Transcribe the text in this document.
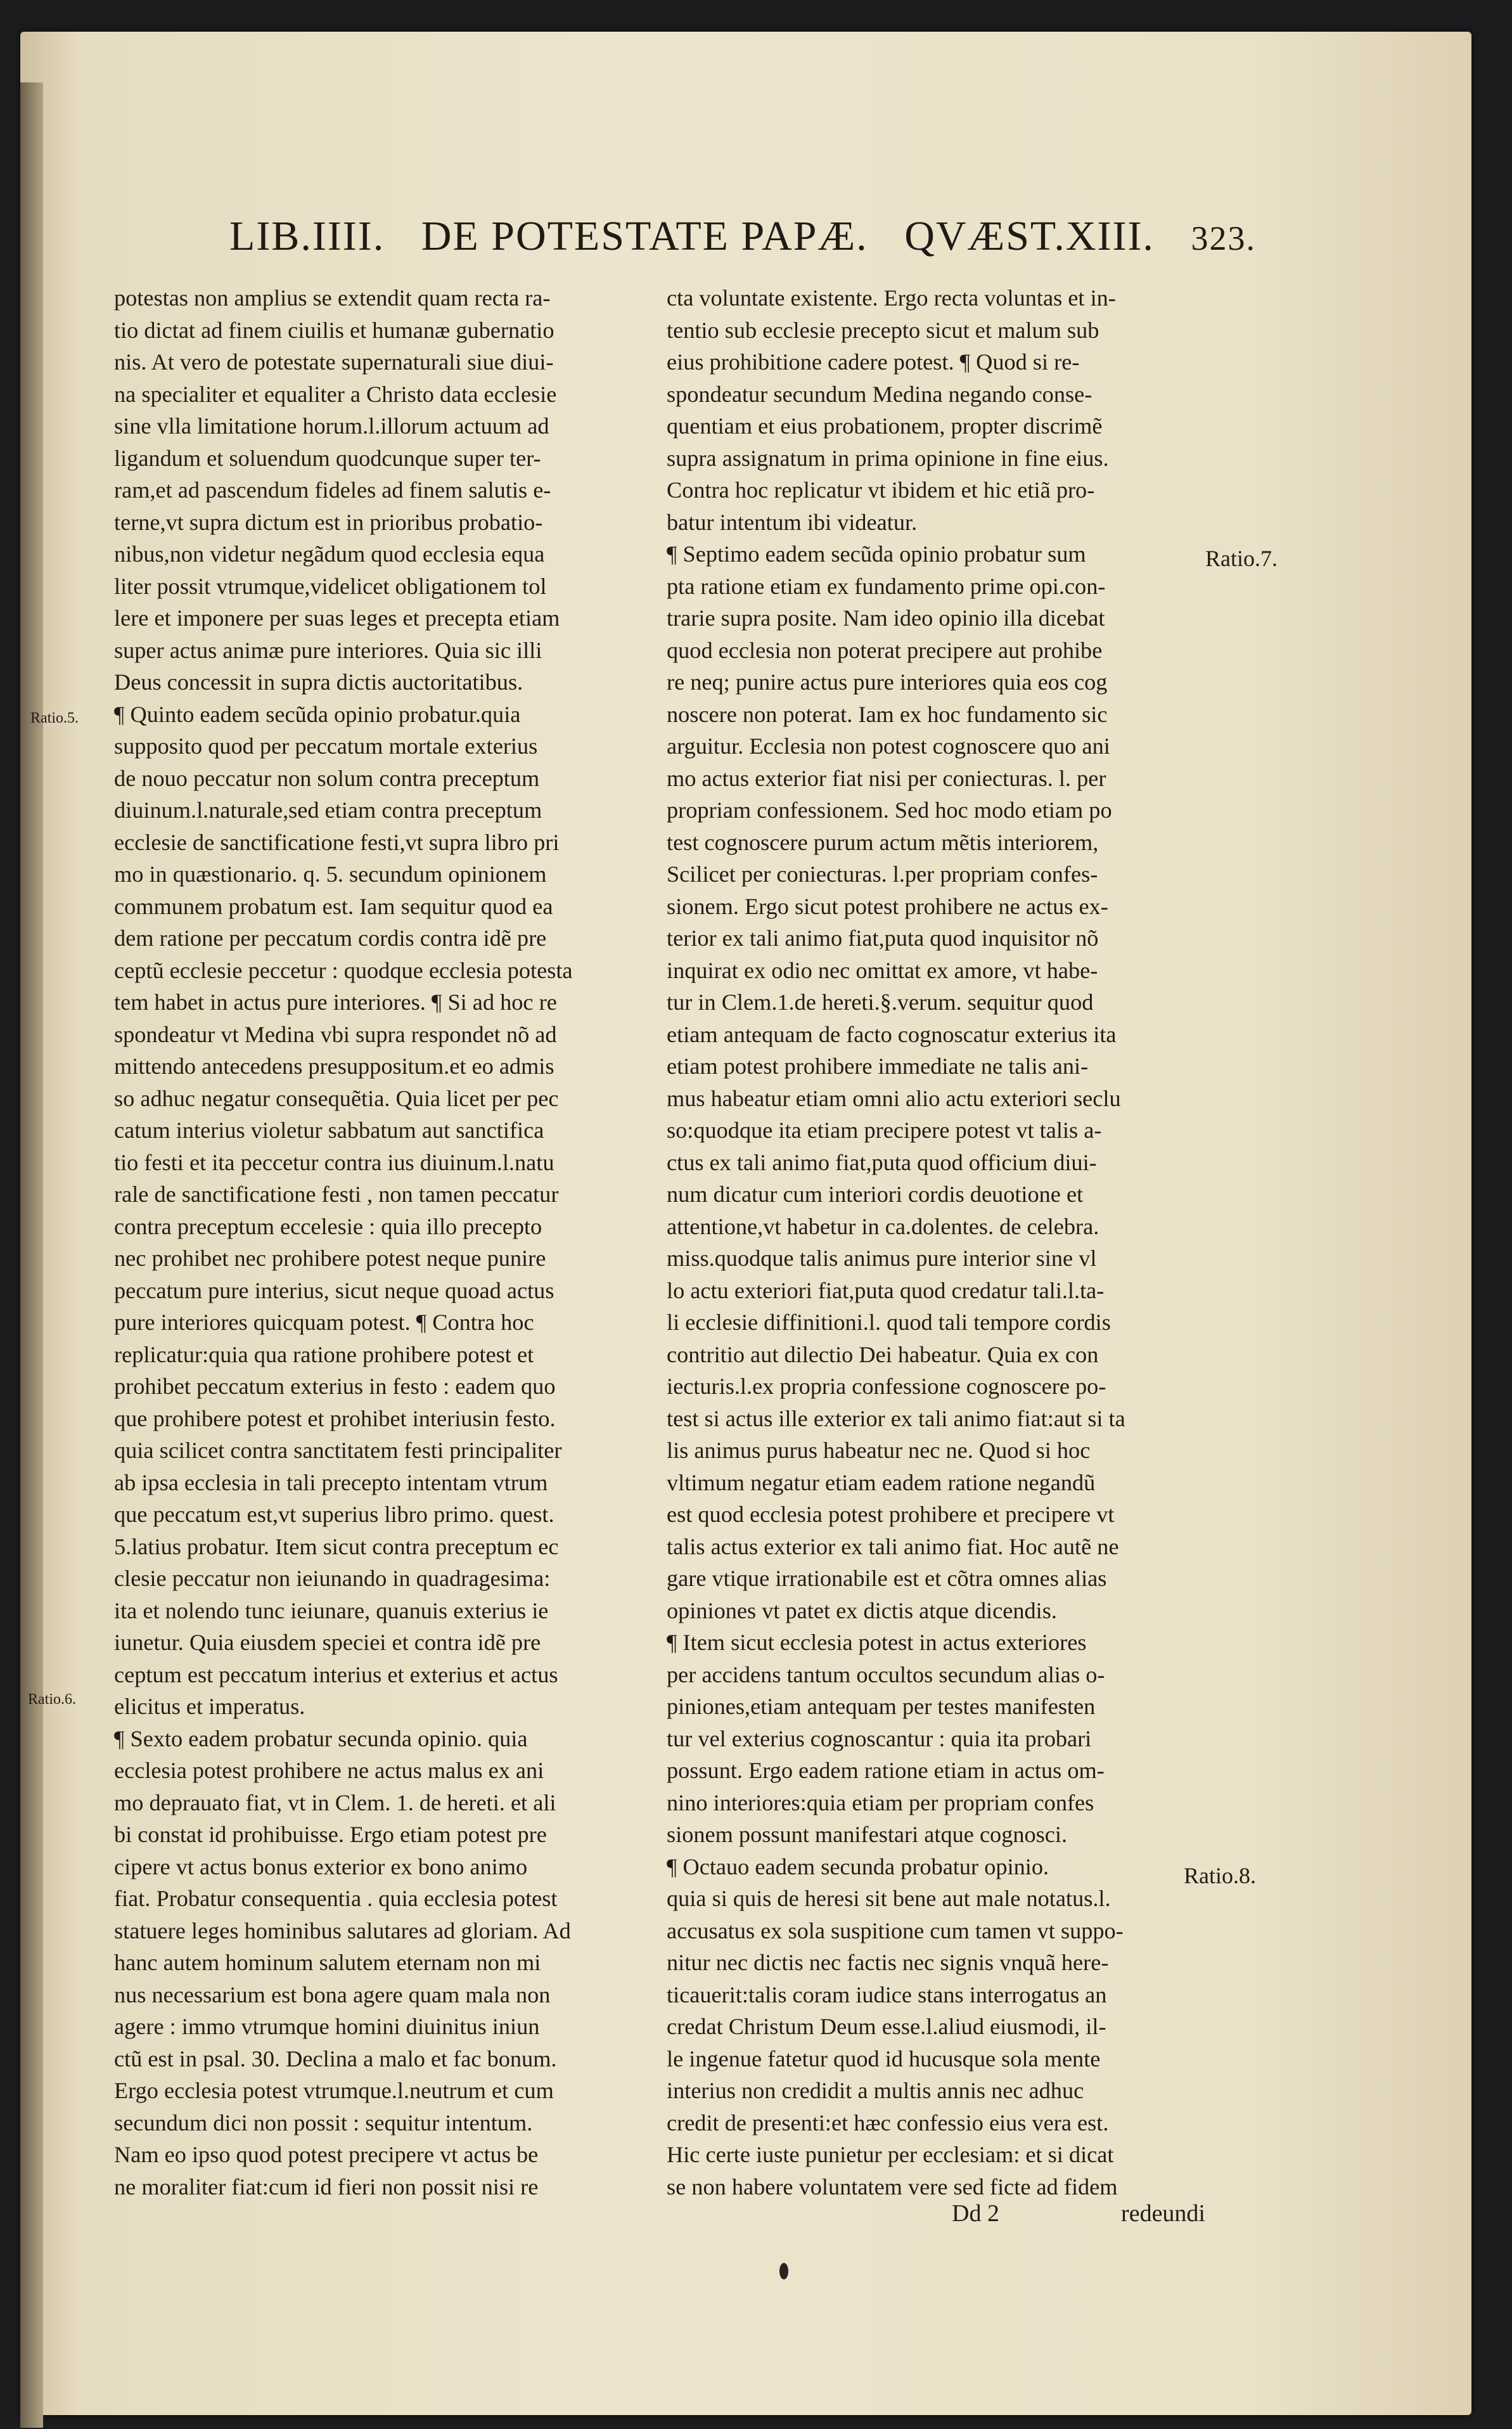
LIB.IIII. DE POTESTATE PAPÆ. QVÆST.XIII. 323.
potestas non amplius se extendit quam recta ra-
tio dictat ad finem ciuilis et humanæ gubernatio
nis. At vero de potestate supernaturali siue diui-
na specialiter et equaliter a Christo data ecclesie
sine vlla limitatione horum.l.illorum actuum ad
ligandum et soluendum quodcunque super ter-
ram,et ad pascendum fideles ad finem salutis e-
terne,vt supra dictum est in prioribus probatio-
nibus,non videtur negãdum quod ecclesia equa
liter possit vtrumque,videlicet obligationem tol
lere et imponere per suas leges et precepta etiam
super actus animæ pure interiores. Quia sic illi
Deus concessit in supra dictis auctoritatibus.
¶ Quinto eadem secũda opinio probatur.quia
supposito quod per peccatum mortale exterius
de nouo peccatur non solum contra preceptum
diuinum.l.naturale,sed etiam contra preceptum
ecclesie de sanctificatione festi,vt supra libro pri
mo in quæstionario. q. 5. secundum opinionem
communem probatum est. Iam sequitur quod ea
dem ratione per peccatum cordis contra idẽ pre
ceptũ ecclesie peccetur : quodque ecclesia potesta
tem habet in actus pure interiores. ¶ Si ad hoc re
spondeatur vt Medina vbi supra respondet nõ ad
mittendo antecedens presuppositum.et eo admis
so adhuc negatur consequẽtia. Quia licet per pec
catum interius violetur sabbatum aut sanctifica
tio festi et ita peccetur contra ius diuinum.l.natu
rale de sanctificatione festi , non tamen peccatur
contra preceptum eccelesie : quia illo precepto
nec prohibet nec prohibere potest neque punire
peccatum pure interius, sicut neque quoad actus
pure interiores quicquam potest. ¶ Contra hoc
replicatur:quia qua ratione prohibere potest et
prohibet peccatum exterius in festo : eadem quo
que prohibere potest et prohibet interiusin festo.
quia scilicet contra sanctitatem festi principaliter
ab ipsa ecclesia in tali precepto intentam vtrum
que peccatum est,vt superius libro primo. quest.
5.latius probatur. Item sicut contra preceptum ec
clesie peccatur non ieiunando in quadragesima:
ita et nolendo tunc ieiunare, quanuis exterius ie
iunetur. Quia eiusdem speciei et contra idẽ pre
ceptum est peccatum interius et exterius et actus
elicitus et imperatus.
¶ Sexto eadem probatur secunda opinio. quia
ecclesia potest prohibere ne actus malus ex ani
mo deprauato fiat, vt in Clem. 1. de hereti. et ali
bi constat id prohibuisse. Ergo etiam potest pre
cipere vt actus bonus exterior ex bono animo
fiat. Probatur consequentia . quia ecclesia potest
statuere leges hominibus salutares ad gloriam. Ad
hanc autem hominum salutem eternam non mi
nus necessarium est bona agere quam mala non
agere : immo vtrumque homini diuinitus iniun
ctũ est in psal. 30. Declina a malo et fac bonum.
Ergo ecclesia potest vtrumque.l.neutrum et cum
secundum dici non possit : sequitur intentum.
Nam eo ipso quod potest precipere vt actus be
ne moraliter fiat:cum id fieri non possit nisi re
cta voluntate existente. Ergo recta voluntas et in-
tentio sub ecclesie precepto sicut et malum sub
eius prohibitione cadere potest. ¶ Quod si re-
spondeatur secundum Medina negando conse-
quentiam et eius probationem, propter discrimẽ
supra assignatum in prima opinione in fine eius.
Contra hoc replicatur vt ibidem et hic etiã pro-
batur intentum ibi videatur.
¶ Septimo eadem secũda opinio probatur sum
pta ratione etiam ex fundamento prime opi.con-
trarie supra posite. Nam ideo opinio illa dicebat
quod ecclesia non poterat precipere aut prohibe
re neq; punire actus pure interiores quia eos cog
noscere non poterat. Iam ex hoc fundamento sic
arguitur. Ecclesia non potest cognoscere quo ani
mo actus exterior fiat nisi per coniecturas. l. per
propriam confessionem. Sed hoc modo etiam po
test cognoscere purum actum mẽtis interiorem,
Scilicet per coniecturas. l.per propriam confes-
sionem. Ergo sicut potest prohibere ne actus ex-
terior ex tali animo fiat,puta quod inquisitor nõ
inquirat ex odio nec omittat ex amore, vt habe-
tur in Clem.1.de hereti.§.verum. sequitur quod
etiam antequam de facto cognoscatur exterius ita
etiam potest prohibere immediate ne talis ani-
mus habeatur etiam omni alio actu exteriori seclu
so:quodque ita etiam precipere potest vt talis a-
ctus ex tali animo fiat,puta quod officium diui-
num dicatur cum interiori cordis deuotione et
attentione,vt habetur in ca.dolentes. de celebra.
miss.quodque talis animus pure interior sine vl
lo actu exteriori fiat,puta quod credatur tali.l.ta-
li ecclesie diffinitioni.l. quod tali tempore cordis
contritio aut dilectio Dei habeatur. Quia ex con
iecturis.l.ex propria confessione cognoscere po-
test si actus ille exterior ex tali animo fiat:aut si ta
lis animus purus habeatur nec ne. Quod si hoc
vltimum negatur etiam eadem ratione negandũ
est quod ecclesia potest prohibere et precipere vt
talis actus exterior ex tali animo fiat. Hoc autẽ ne
gare vtique irrationabile est et cõtra omnes alias
opiniones vt patet ex dictis atque dicendis.
¶ Item sicut ecclesia potest in actus exteriores
per accidens tantum occultos secundum alias o-
piniones,etiam antequam per testes manifesten
tur vel exterius cognoscantur : quia ita probari
possunt. Ergo eadem ratione etiam in actus om-
nino interiores:quia etiam per propriam confes
sionem possunt manifestari atque cognosci.
¶ Octauo eadem secunda probatur opinio.
quia si quis de heresi sit bene aut male notatus.l.
accusatus ex sola suspitione cum tamen vt suppo-
nitur nec dictis nec factis nec signis vnquã here-
ticauerit:talis coram iudice stans interrogatus an
credat Christum Deum esse.l.aliud eiusmodi, il-
le ingenue fatetur quod id hucusque sola mente
interius non credidit a multis annis nec adhuc
credit de presenti:et hæc confessio eius vera est.
Hic certe iuste punietur per ecclesiam: et si dicat
se non habere voluntatem vere sed ficte ad fidem
Ratio.5.
Ratio.6.
Ratio.7.
Ratio.8.
Dd 2	redeundi
